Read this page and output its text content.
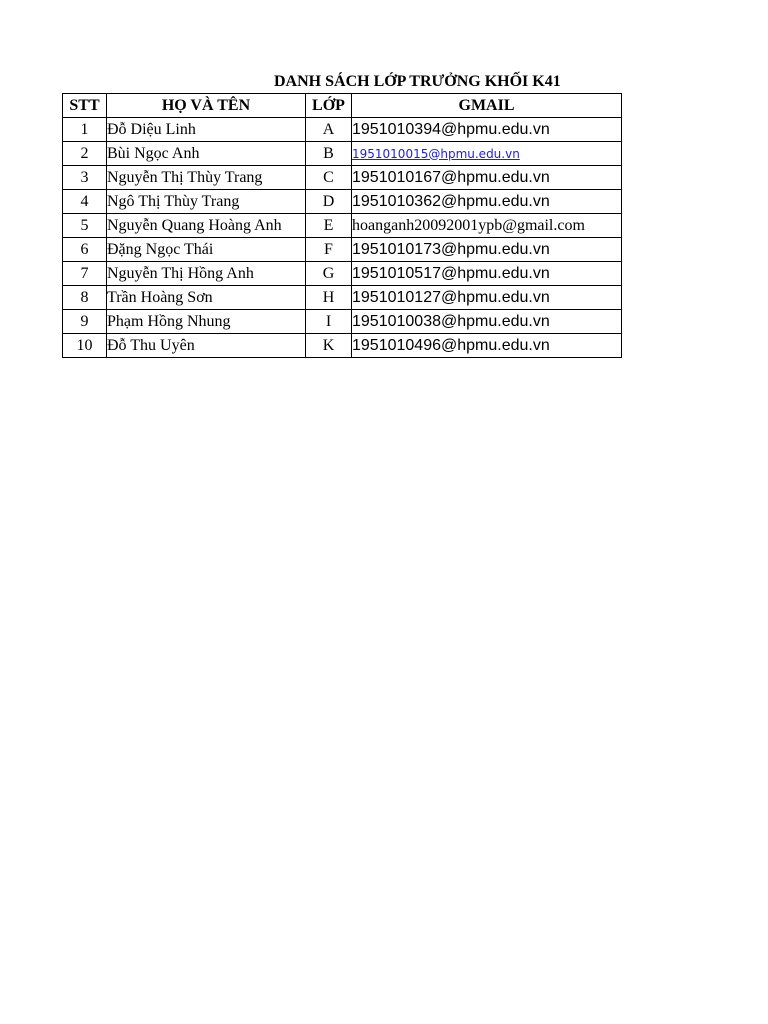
DANH SÁCH LỚP TRƯỞNG KHỐI K41
STT	HỌ VÀ TÊN	LỚP	GMAIL
1	Đỗ Diệu Linh	A	1951010394@hpmu.edu.vn
2	Bùi Ngọc Anh	B	1951010015@hpmu.edu.vn
3	Nguyễn Thị Thùy Trang	C	1951010167@hpmu.edu.vn
4	Ngô Thị Thùy Trang	D	1951010362@hpmu.edu.vn
5	Nguyễn Quang Hoàng Anh	E	hoanganh20092001ypb@gmail.com
6	Đặng Ngọc Thái	F	1951010173@hpmu.edu.vn
7	Nguyễn Thị Hồng Anh	G	1951010517@hpmu.edu.vn
8	Trần Hoàng Sơn	H	1951010127@hpmu.edu.vn
9	Phạm Hồng Nhung	I	1951010038@hpmu.edu.vn
10	Đỗ Thu Uyên	K	1951010496@hpmu.edu.vn
